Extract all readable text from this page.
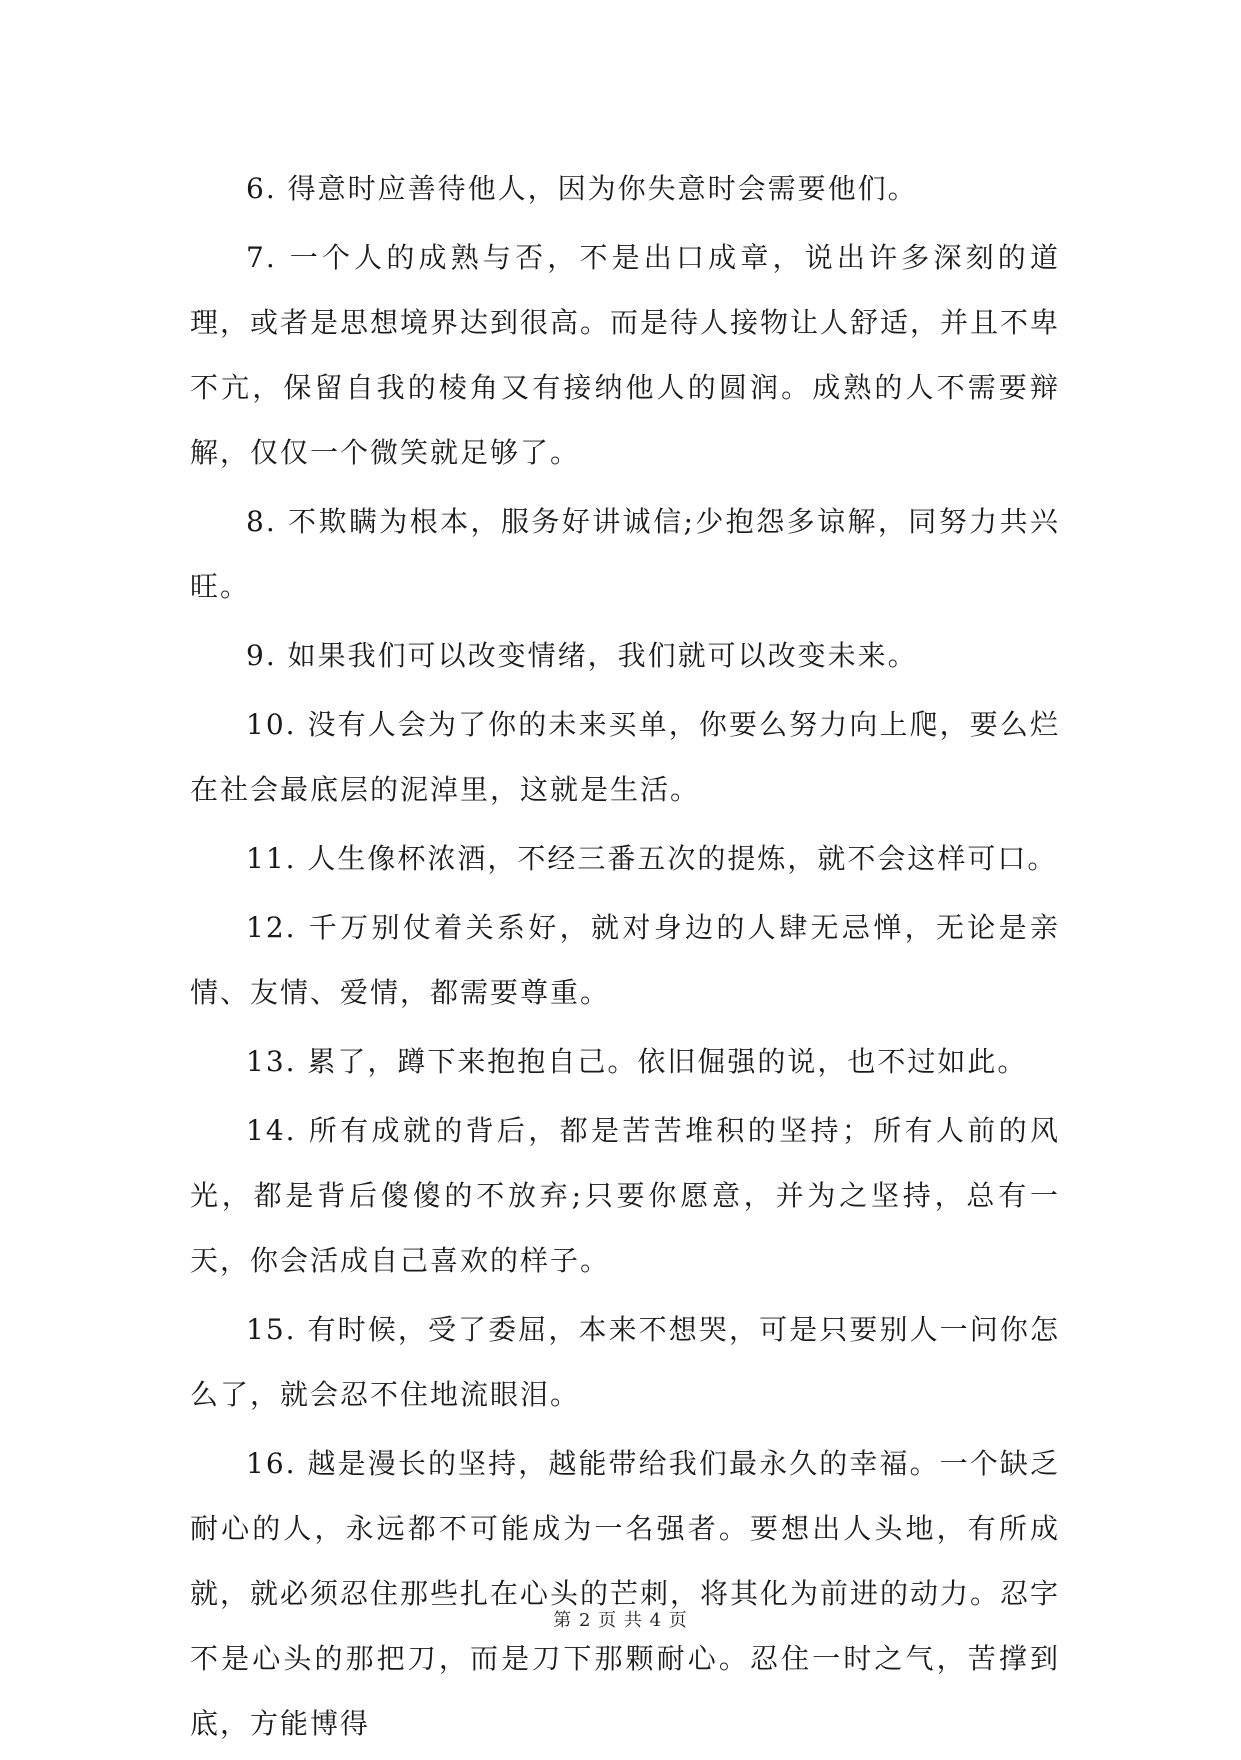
6. 得意时应善待他人，因为你失意时会需要他们。

7. 一个人的成熟与否，不是出口成章，说出许多深刻的道理，或者是思想境界达到很高。而是待人接物让人舒适，并且不卑不亢，保留自我的棱角又有接纳他人的圆润。成熟的人不需要辩解，仅仅一个微笑就足够了。

8. 不欺瞒为根本，服务好讲诚信;少抱怨多谅解，同努力共兴旺。

9. 如果我们可以改变情绪，我们就可以改变未来。

10. 没有人会为了你的未来买单，你要么努力向上爬，要么烂在社会最底层的泥淖里，这就是生活。

11. 人生像杯浓酒，不经三番五次的提炼，就不会这样可口。

12. 千万别仗着关系好，就对身边的人肆无忌惮，无论是亲情、友情、爱情，都需要尊重。

13. 累了，蹲下来抱抱自己。依旧倔强的说，也不过如此。

14. 所有成就的背后，都是苦苦堆积的坚持；所有人前的风光，都是背后傻傻的不放弃;只要你愿意，并为之坚持，总有一天，你会活成自己喜欢的样子。

15. 有时候，受了委屈，本来不想哭，可是只要别人一问你怎么了，就会忍不住地流眼泪。

16. 越是漫长的坚持，越能带给我们最永久的幸福。一个缺乏耐心的人，永远都不可能成为一名强者。要想出人头地，有所成就，就必须忍住那些扎在心头的芒刺，将其化为前进的动力。忍字不是心头的那把刀，而是刀下那颗耐心。忍住一时之气，苦撑到底，方能博得

第 2 页 共 4 页
